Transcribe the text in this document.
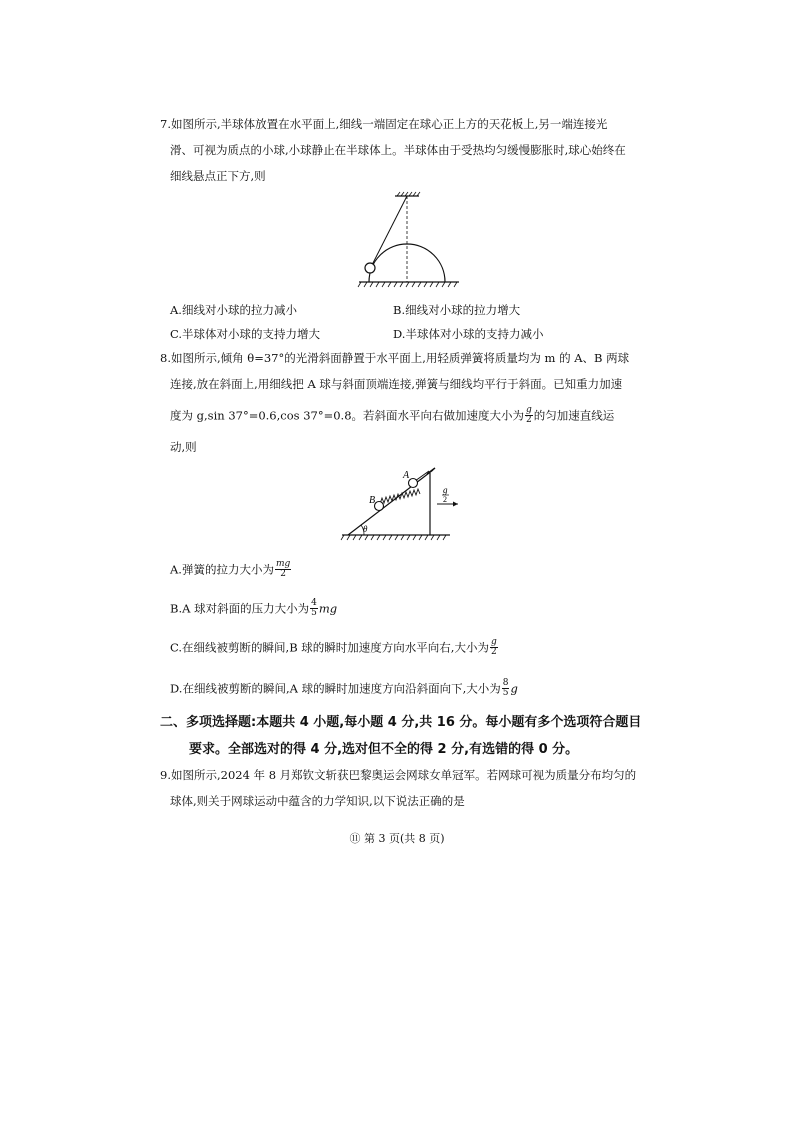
7.如图所示,半球体放置在水平面上,细线一端固定在球心正上方的天花板上,另一端连接光
滑、可视为质点的小球,小球静止在半球体上。半球体由于受热均匀缓慢膨胀时,球心始终在
细线悬点正下方,则
A.细线对小球的拉力减小	B.细线对小球的拉力增大
C.半球体对小球的支持力增大	D.半球体对小球的支持力减小
8.如图所示,倾角 θ=37°的光滑斜面静置于水平面上,用轻质弹簧将质量均为 m 的 A、B 两球
连接,放在斜面上,用细线把 A 球与斜面顶端连接,弹簧与细线均平行于斜面。已知重力加速
度为 g,sin 37°=0.6,cos 37°=0.8。若斜面水平向右做加速度大小为 $\frac{g}{2}$ 的匀加速直线运
动,则
A
B
θ
g
2
A.弹簧的拉力大小为 $\frac{mg}{2}$
B.A 球对斜面的压力大小为 $\frac{4}{5}$ mg
C.在细线被剪断的瞬间,B 球的瞬时加速度方向水平向右,大小为 $\frac{g}{2}$
D.在细线被剪断的瞬间,A 球的瞬时加速度方向沿斜面向下,大小为 $\frac{8}{5}$ g
二、多项选择题:本题共 4 小题,每小题 4 分,共 16 分。每小题有多个选项符合题目
要求。全部选对的得 4 分,选对但不全的得 2 分,有选错的得 0 分。
9.如图所示,2024 年 8 月郑钦文斩获巴黎奥运会网球女单冠军。若网球可视为质量分布均匀的
球体,则关于网球运动中蕴含的力学知识,以下说法正确的是
⑪ 第 3 页(共 8 页)
